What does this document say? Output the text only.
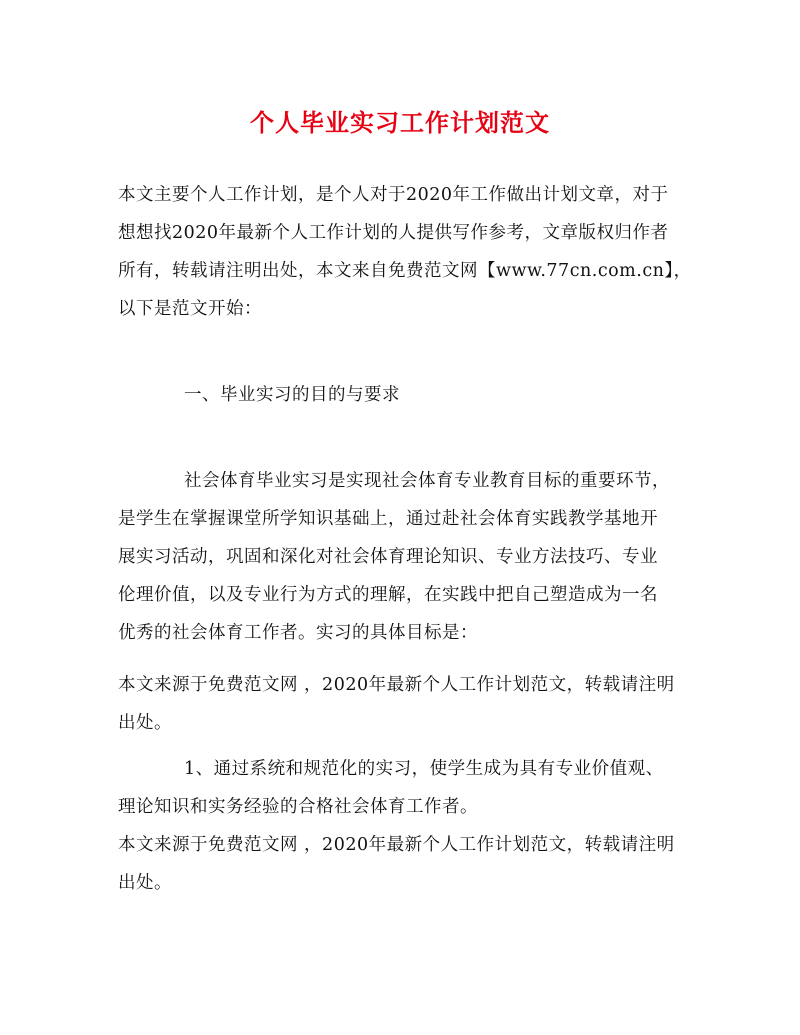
个人毕业实习工作计划范文
本文主要个人工作计划，是个人对于2020年工作做出计划文章，对于
想想找2020年最新个人工作计划的人提供写作参考，文章版权归作者
所有，转载请注明出处，本文来自免费范文网【www.77cn.com.cn】，
以下是范文开始：
一、毕业实习的目的与要求
社会体育毕业实习是实现社会体育专业教育目标的重要环节，
是学生在掌握课堂所学知识基础上，通过赴社会体育实践教学基地开
展实习活动，巩固和深化对社会体育理论知识、专业方法技巧、专业
伦理价值，以及专业行为方式的理解，在实践中把自己塑造成为一名
优秀的社会体育工作者。实习的具体目标是：
本文来源于免费范文网 ，2020年最新个人工作计划范文，转载请注明
出处。
1、通过系统和规范化的实习，使学生成为具有专业价值观、
理论知识和实务经验的合格社会体育工作者。
本文来源于免费范文网 ，2020年最新个人工作计划范文，转载请注明
出处。
